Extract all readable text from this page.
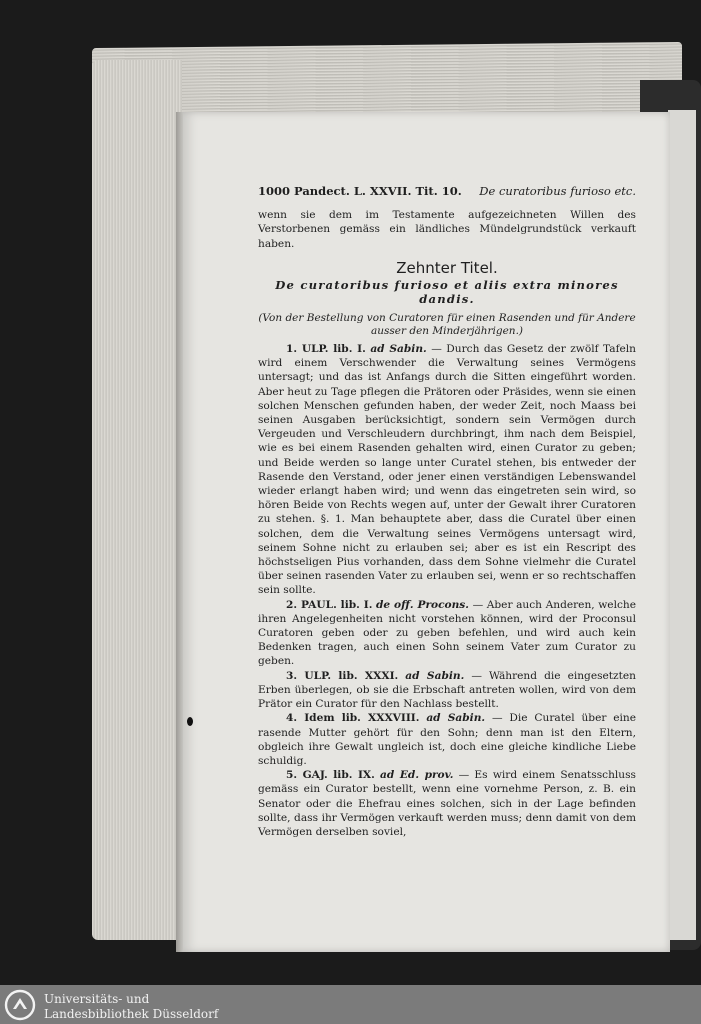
1000 Pandect. L. XXVII. Tit. 10. De curatoribus furioso etc.

wenn sie dem im Testamente aufgezeichneten Willen des Verstorbenen gemäss ein ländliches Mündelgrundstück verkauft haben.

Zehnter Titel.
De curatoribus furioso et aliis extra minores dandis.
(Von der Bestellung von Curatoren für einen Rasenden und für Andere ausser den Minderjährigen.)

1. ULP. lib. I. ad Sabin. — Durch das Gesetz der zwölf Tafeln wird einem Verschwender die Verwaltung seines Vermögens untersagt; und das ist Anfangs durch die Sitten eingeführt worden. Aber heut zu Tage pflegen die Prätoren oder Präsides, wenn sie einen solchen Menschen gefunden haben, der weder Zeit, noch Maass bei seinen Ausgaben berücksichtigt, sondern sein Vermögen durch Vergeuden und Verschleudern durchbringt, ihm nach dem Beispiel, wie es bei einem Rasenden gehalten wird, einen Curator zu geben; und Beide werden so lange unter Curatel stehen, bis entweder der Rasende den Verstand, oder jener einen verständigen Lebenswandel wieder erlangt haben wird; und wenn das eingetreten sein wird, so hören Beide von Rechts wegen auf, unter der Gewalt ihrer Curatoren zu stehen. §. 1. Man behauptete aber, dass die Curatel über einen solchen, dem die Verwaltung seines Vermögens untersagt wird, seinem Sohne nicht zu erlauben sei; aber es ist ein Rescript des höchstseligen Pius vorhanden, dass dem Sohne vielmehr die Curatel über seinen rasenden Vater zu erlauben sei, wenn er so rechtschaffen sein sollte.

2. PAUL. lib. I. de off. Procons. — Aber auch Anderen, welche ihren Angelegenheiten nicht vorstehen können, wird der Proconsul Curatoren geben oder zu geben befehlen, und wird auch kein Bedenken tragen, auch einen Sohn seinem Vater zum Curator zu geben.

3. ULP. lib. XXXI. ad Sabin. — Während die eingesetzten Erben überlegen, ob sie die Erbschaft antreten wollen, wird von dem Prätor ein Curator für den Nachlass bestellt.

4. Idem lib. XXXVIII. ad Sabin. — Die Curatel über eine rasende Mutter gehört für den Sohn; denn man ist den Eltern, obgleich ihre Gewalt ungleich ist, doch eine gleiche kindliche Liebe schuldig.

5. GAJ. lib. IX. ad Ed. prov. — Es wird einem Senatsschluss gemäss ein Curator bestellt, wenn eine vornehme Person, z. B. ein Senator oder die Ehefrau eines solchen, sich in der Lage befinden sollte, dass ihr Vermögen verkauft werden muss; denn damit von dem Vermögen derselben soviel,

Universitäts- und
Landesbibliothek Düsseldorf
